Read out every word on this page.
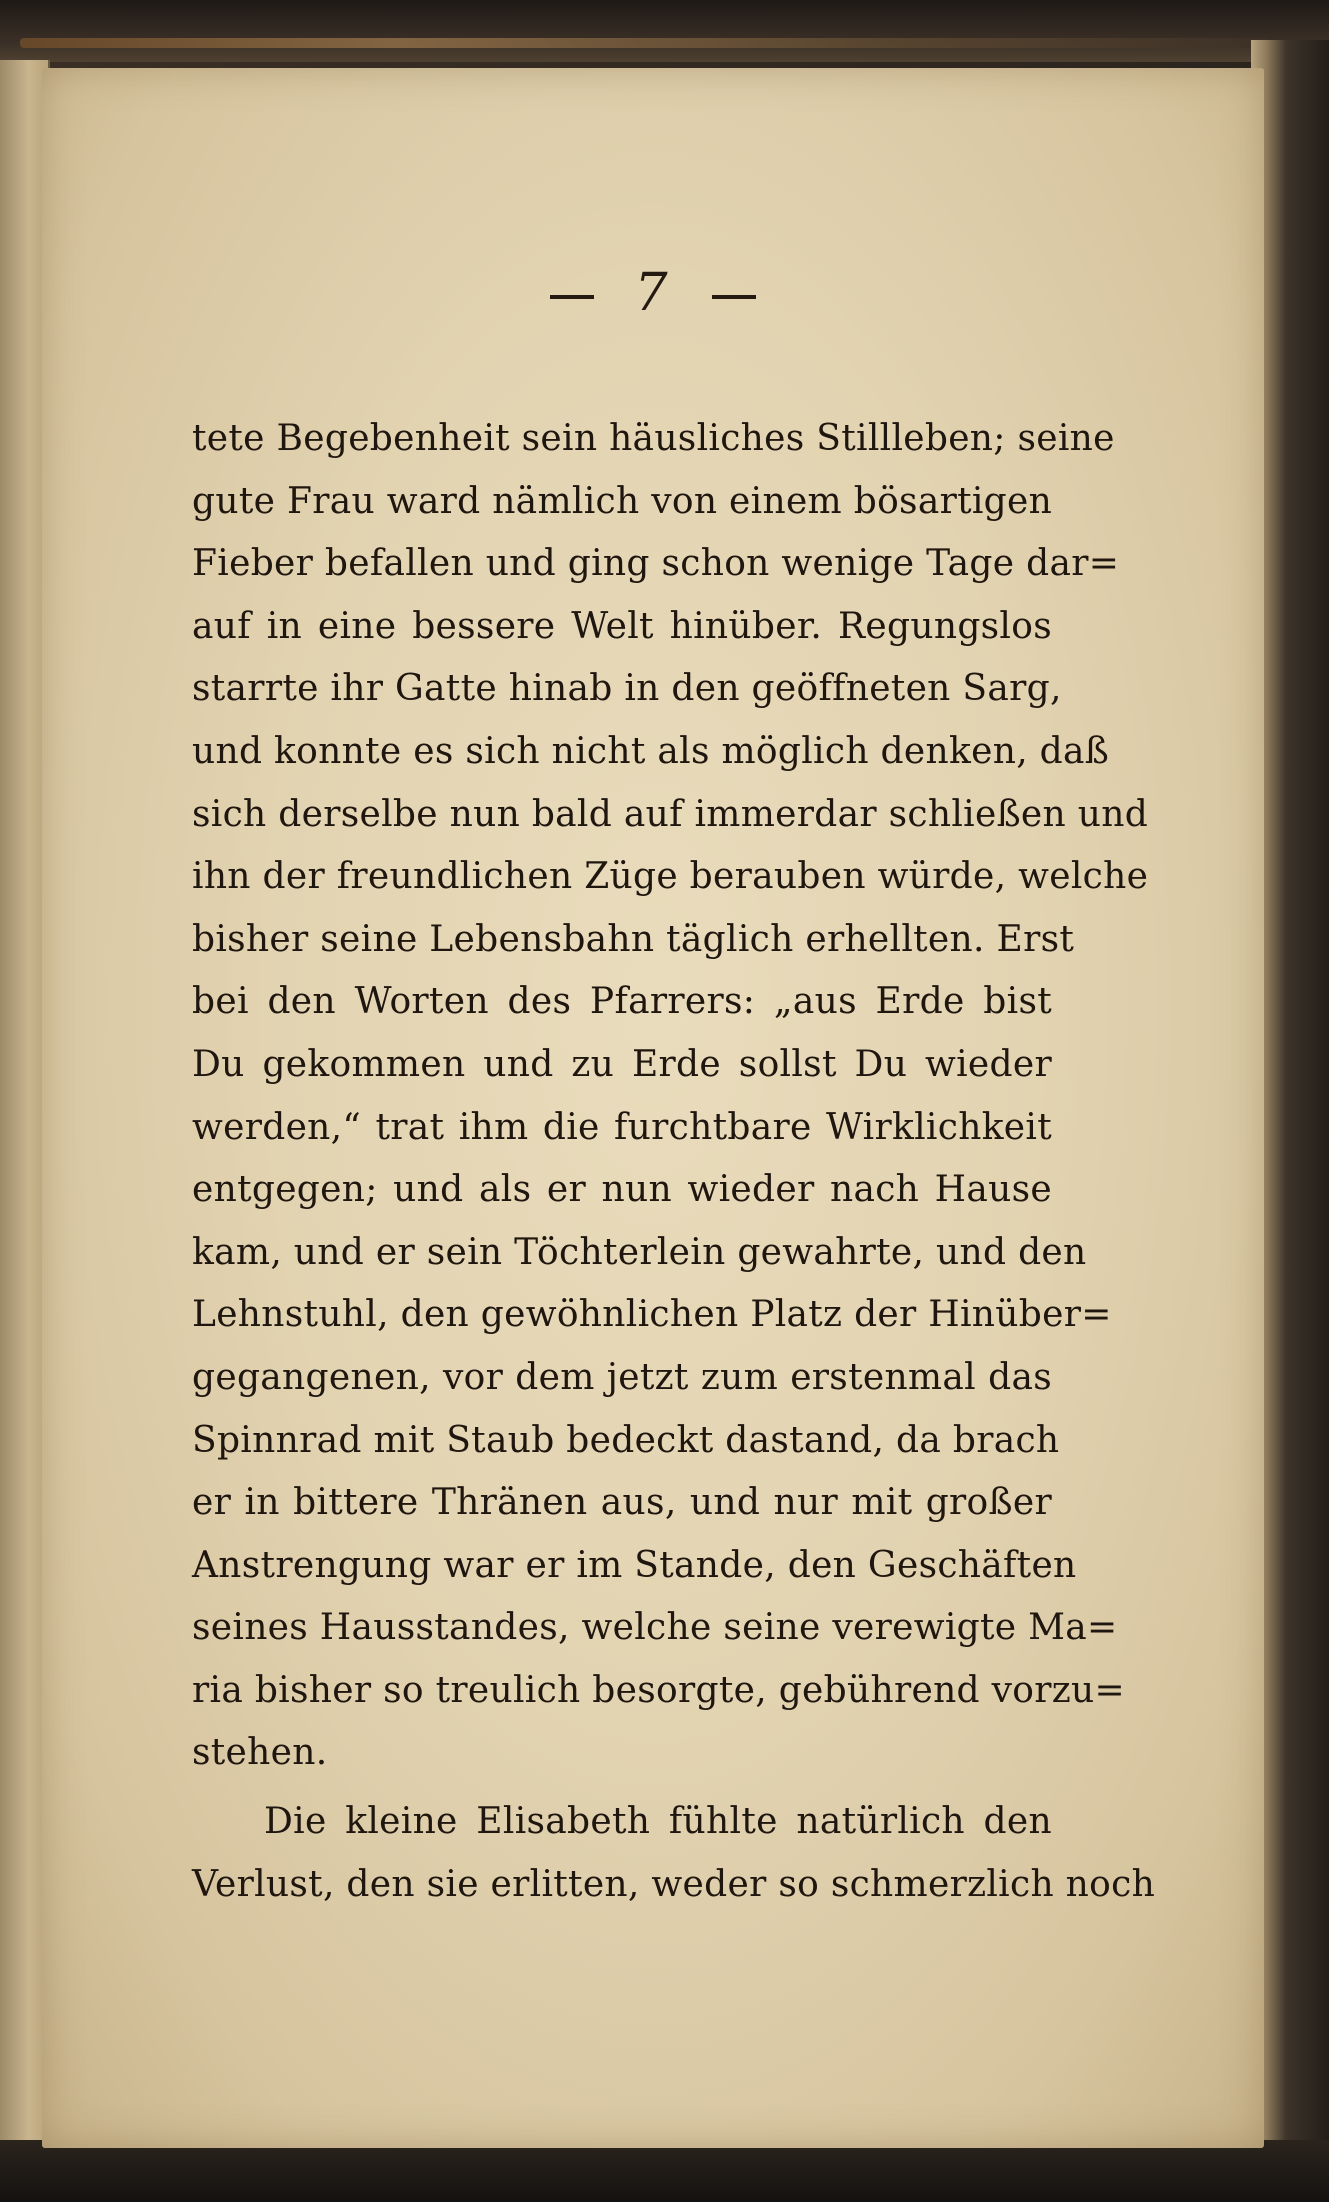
7
tete Begebenheit sein häusliches Stillleben; seine
gute Frau ward nämlich von einem bösartigen
Fieber befallen und ging schon wenige Tage dar=
auf in eine bessere Welt hinüber. Regungslos
starrte ihr Gatte hinab in den geöffneten Sarg,
und konnte es sich nicht als möglich denken, daß
sich derselbe nun bald auf immerdar schließen und
ihn der freundlichen Züge berauben würde, welche
bisher seine Lebensbahn täglich erhellten. Erst
bei den Worten des Pfarrers: „aus Erde bist
Du gekommen und zu Erde sollst Du wieder
werden,“ trat ihm die furchtbare Wirklichkeit
entgegen; und als er nun wieder nach Hause
kam, und er sein Töchterlein gewahrte, und den
Lehnstuhl, den gewöhnlichen Platz der Hinüber=
gegangenen, vor dem jetzt zum erstenmal das
Spinnrad mit Staub bedeckt dastand, da brach
er in bittere Thränen aus, und nur mit großer
Anstrengung war er im Stande, den Geschäften
seines Hausstandes, welche seine verewigte Ma=
ria bisher so treulich besorgte, gebührend vorzu=
stehen.
Die kleine Elisabeth fühlte natürlich den
Verlust, den sie erlitten, weder so schmerzlich noch
